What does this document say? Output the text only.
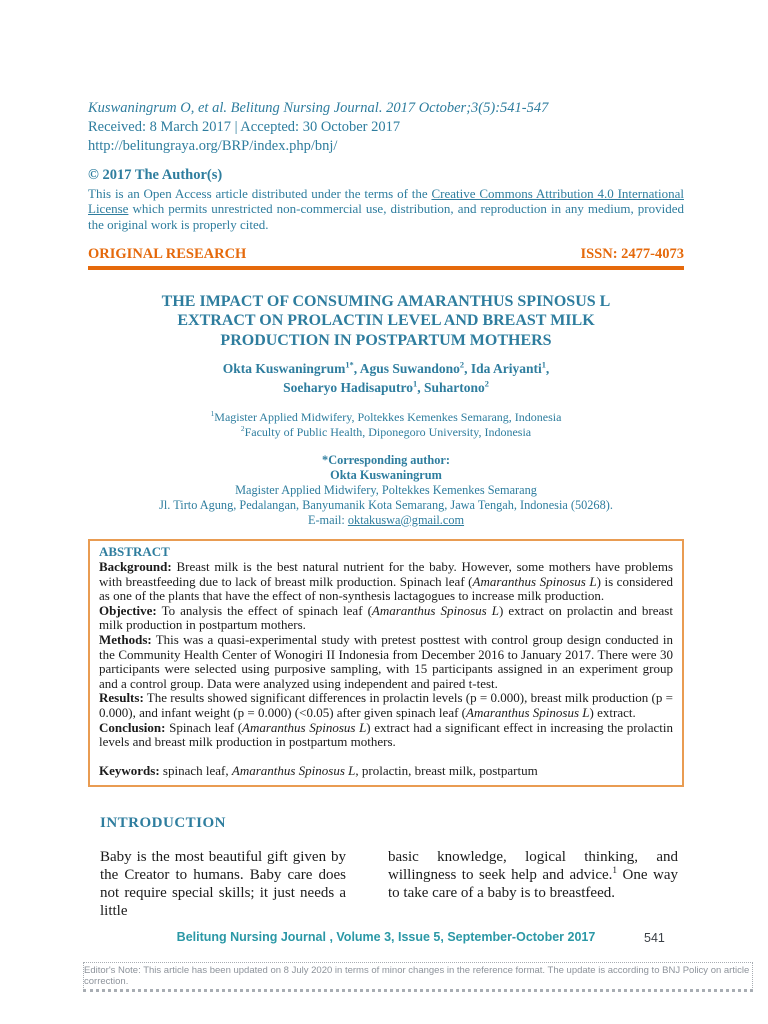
Kuswaningrum O, et al. Belitung Nursing Journal. 2017 October;3(5):541-547

Received: 8 March 2017 | Accepted: 30 October 2017

http://belitungraya.org/BRP/index.php/bnj/

© 2017 The Author(s)

This is an Open Access article distributed under the terms of the Creative Commons Attribution 4.0 International License which permits unrestricted non-commercial use, distribution, and reproduction in any medium, provided the original work is properly cited.

ORIGINAL RESEARCH	ISSN: 2477-4073
THE IMPACT OF CONSUMING AMARANTHUS SPINOSUS L
EXTRACT ON PROLACTIN LEVEL AND BREAST MILK
PRODUCTION IN POSTPARTUM MOTHERS
Okta Kuswaningrum$^{1*}$, Agus Suwandono$^2$, Ida Ariyanti$^1$,
Soeharyo Hadisaputro$^1$, Suhartono$^2$
$^1$Magister Applied Midwifery, Poltekkes Kemenkes Semarang, Indonesia
$^2$Faculty of Public Health, Diponegoro University, Indonesia
*Corresponding author:
Okta Kuswaningrum
Magister Applied Midwifery, Poltekkes Kemenkes Semarang
Jl. Tirto Agung, Pedalangan, Banyumanik Kota Semarang, Jawa Tengah, Indonesia (50268).
E-mail: oktakuswa@gmail.com

ABSTRACT

Background: Breast milk is the best natural nutrient for the baby. However, some mothers have problems with breastfeeding due to lack of breast milk production. Spinach leaf (Amaranthus Spinosus L) is considered as one of the plants that have the effect of non-synthesis lactagogues to increase milk production.

Objective: To analysis the effect of spinach leaf (Amaranthus Spinosus L) extract on prolactin and breast milk production in postpartum mothers.

Methods: This was a quasi-experimental study with pretest posttest with control group design conducted in the Community Health Center of Wonogiri II Indonesia from December 2016 to January 2017. There were 30 participants were selected using purposive sampling, with 15 participants assigned in an experiment group and a control group. Data were analyzed using independent and paired t-test.

Results: The results showed significant differences in prolactin levels (p = 0.000), breast milk production (p = 0.000), and infant weight (p = 0.000) (<0.05) after given spinach leaf (Amaranthus Spinosus L) extract.

Conclusion: Spinach leaf (Amaranthus Spinosus L) extract had a significant effect in increasing the prolactin levels and breast milk production in postpartum mothers.

Keywords: spinach leaf, Amaranthus Spinosus L, prolactin, breast milk, postpartum

INTRODUCTION
Baby is the most beautiful gift given by the Creator to humans. Baby care does not require special skills; it just needs a little
basic knowledge, logical thinking, and willingness to seek help and advice.$^1$ One way to take care of a baby is to breastfeed.
Belitung Nursing Journal , Volume 3, Issue 5, September-October 2017	541
Editor's Note: This article has been updated on 8 July 2020 in terms of minor changes in the reference format. The update is according to BNJ Policy on article correction.
